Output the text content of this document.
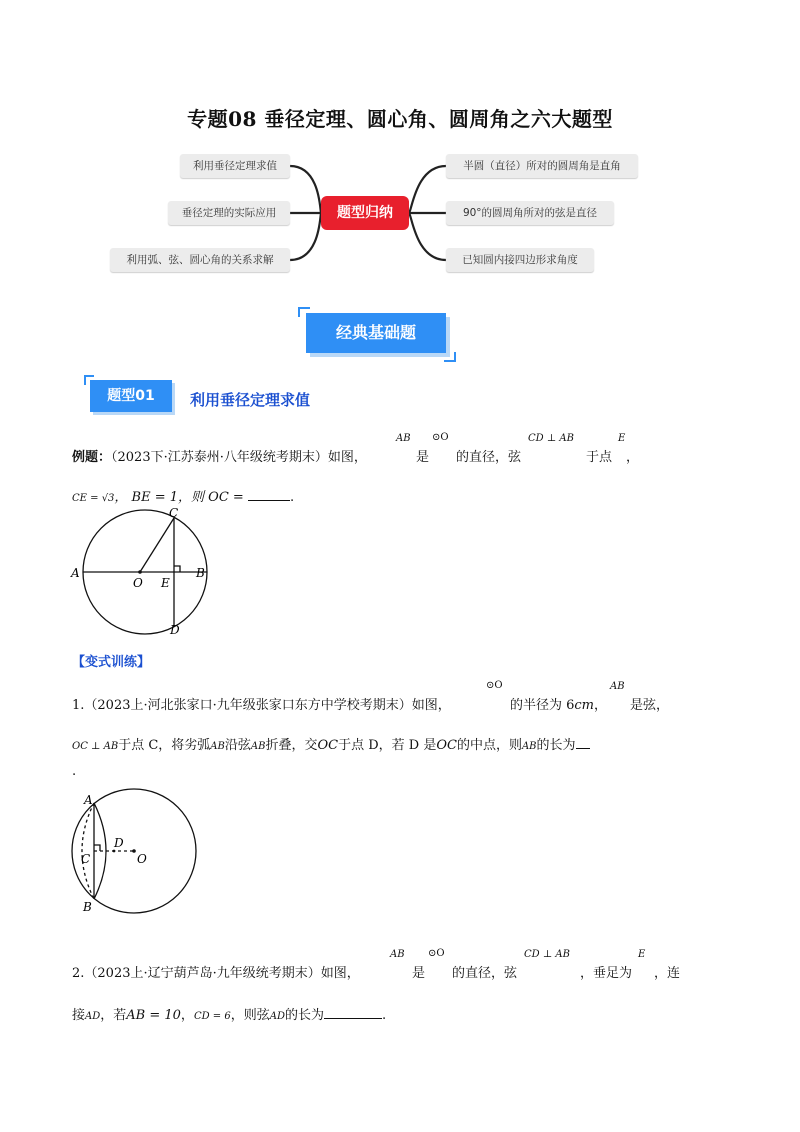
专题08 垂径定理、圆心角、圆周角之六大题型
利用垂径定理求值
垂径定理的实际应用
利用弧、弦、圆心角的关系求解
题型归纳
半圆（直径）所对的圆周角是直角
90°的圆周角所对的弦是直径
已知圆内接四边形求角度
经典基础题
题型01	利用垂径定理求值
例题：（2023下·江苏泰州·八年级统考期末）如图，
AB
是
⊙O
的直径，弦
CD ⊥ AB
于点
E
，
CE = √3， BE = 1，则 OC =	.
C
A
O E
B
D
【变式训练】
1.（2023上·河北张家口·九年级张家口东方中学校考期末）如图，
⊙O
的半径为 6cm，
AB
是弦，
OC ⊥ AB于点 C，将劣弧AB沿弦AB折叠，交OC于点 D，若 D 是OC的中点，则AB的长为
.
A
D
C	O
B
2.（2023上·辽宁葫芦岛·九年级统考期末）如图，
AB
是
⊙O
的直径，弦
CD ⊥ AB
，垂足为
E
，连
接AD，若AB = 10，CD = 6，则弦AD的长为	.
